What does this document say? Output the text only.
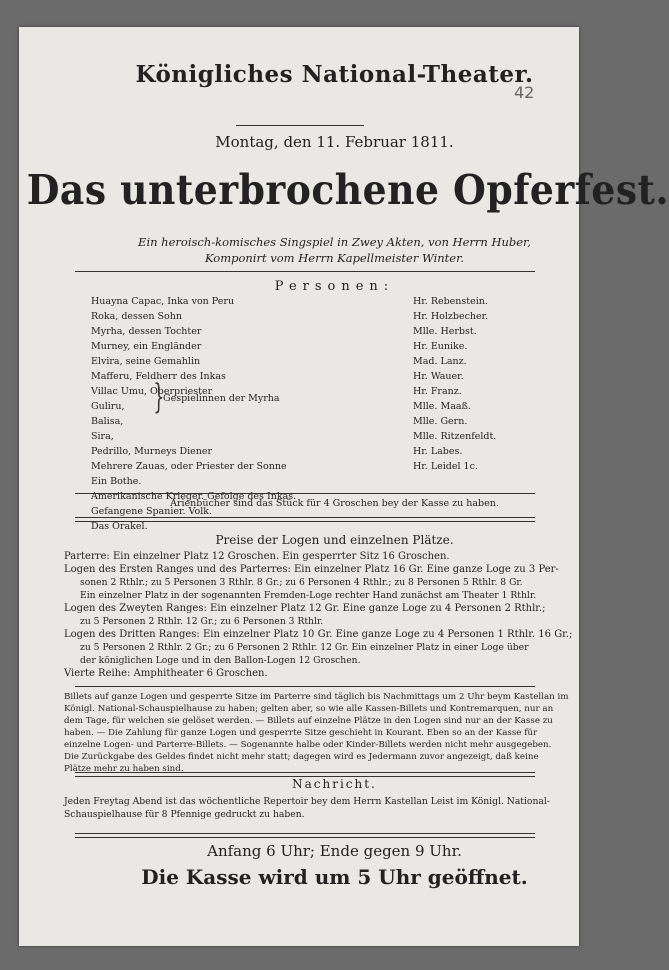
42
Königliches National-Theater.
Montag, den 11. Februar 1811.
Das unterbrochene Opferfest.
Ein heroisch-komisches Singspiel in Zwey Akten, von Herrn Huber,
Komponirt vom Herrn Kapellmeister Winter.
Personen:
Huayna Capac, Inka von Peru	Hr. Rebenstein.
Roka, dessen Sohn	Hr. Holzbecher.
Myrha, dessen Tochter	Mlle. Herbst.
Murney, ein Engländer	Hr. Eunike.
Elvira, seine Gemahlin	Mad. Lanz.
Mafferu, Feldherr des Inkas	Hr. Wauer.
Villac Umu, Oberpriester	Hr. Franz.
Guliru,	Mlle. Maaß.
Balisa,	Mlle. Gern.
Sira,	Mlle. Ritzenfeldt.
Pedrillo, Murneys Diener	Hr. Labes.
Mehrere Zauas, oder Priester der Sonne	Hr. Leidel 1c.
Ein Bothe.
Amerikanische Krieger. Gefolge des Inkas.
Gefangene Spanier. Volk.
Das Orakel.
}
Gespielinnen der Myrha
Arienbücher sind das Stück für 4 Groschen bey der Kasse zu haben.
Preise der Logen und einzelnen Plätze.
Parterre: Ein einzelner Platz 12 Groschen. Ein gesperrter Sitz 16 Groschen.
Logen des Ersten Ranges und des Parterres: Ein einzelner Platz 16 Gr. Eine ganze Loge zu 3 Per-
sonen 2 Rthlr.; zu 5 Personen 3 Rthlr. 8 Gr.; zu 6 Personen 4 Rthlr.; zu 8 Personen 5 Rthlr. 8 Gr.
Ein einzelner Platz in der sogenannten Fremden-Loge rechter Hand zunächst am Theater 1 Rthlr.
Logen des Zweyten Ranges: Ein einzelner Platz 12 Gr. Eine ganze Loge zu 4 Personen 2 Rthlr.;
zu 5 Personen 2 Rthlr. 12 Gr.; zu 6 Personen 3 Rthlr.
Logen des Dritten Ranges: Ein einzelner Platz 10 Gr. Eine ganze Loge zu 4 Personen 1 Rthlr. 16 Gr.;
zu 5 Personen 2 Rthlr. 2 Gr.; zu 6 Personen 2 Rthlr. 12 Gr. Ein einzelner Platz in einer Loge über
der königlichen Loge und in den Ballon-Logen 12 Groschen.
Vierte Reihe: Amphitheater 6 Groschen.
Billets auf ganze Logen und gesperrte Sitze im Parterre sind täglich bis Nachmittags um 2 Uhr beym Kastellan im
Königl. National-Schauspielhause zu haben; gelten aber, so wie alle Kassen-Billets und Kontremarquen, nur an
dem Tage, für welchen sie gelöset werden. — Billets auf einzelne Plätze in den Logen sind nur an der Kasse zu
haben. — Die Zahlung für ganze Logen und gesperrte Sitze geschieht in Kourant. Eben so an der Kasse für
einzelne Logen- und Parterre-Billets. — Sogenannte halbe oder Kinder-Billets werden nicht mehr ausgegeben.
Die Zurückgabe des Geldes findet nicht mehr statt; dagegen wird es Jedermann zuvor angezeigt, daß keine
Plätze mehr zu haben sind.
Nachricht.
Jeden Freytag Abend ist das wöchentliche Repertoir bey dem Herrn Kastellan Leist im Königl. National-
Schauspielhause für 8 Pfennige gedruckt zu haben.
Anfang 6 Uhr; Ende gegen 9 Uhr.
Die Kasse wird um 5 Uhr geöffnet.
